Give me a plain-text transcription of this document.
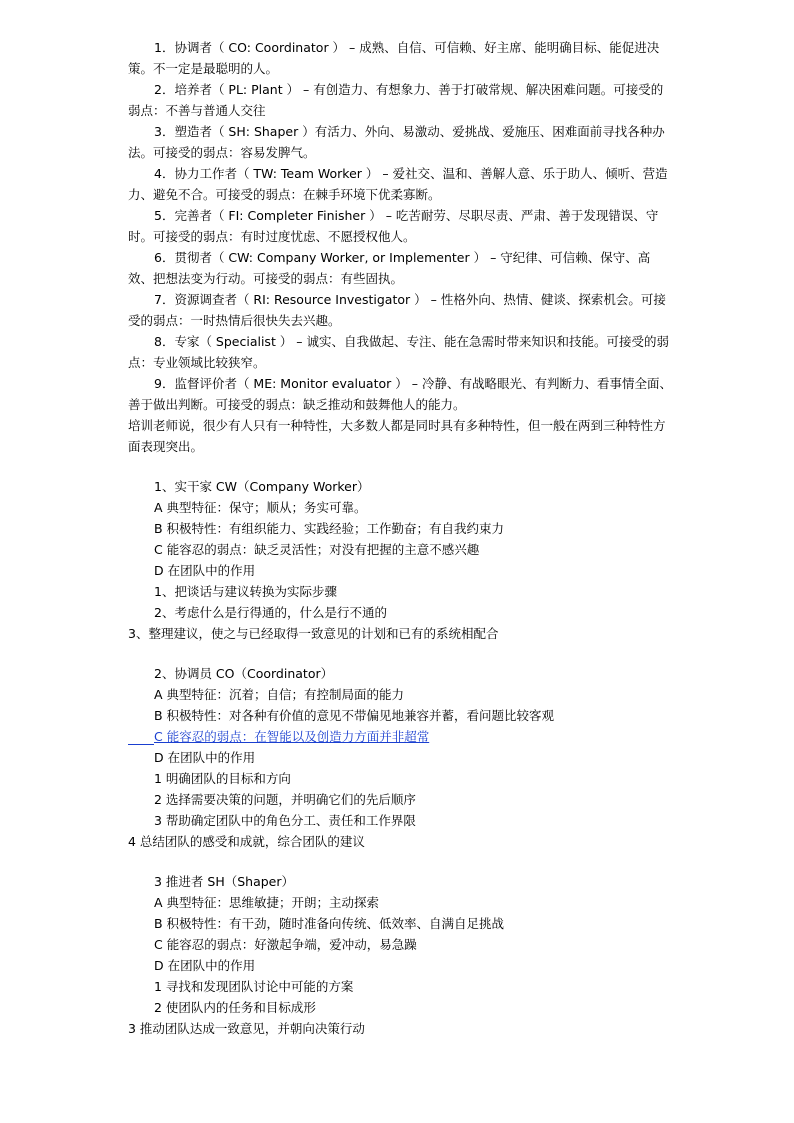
1．协调者（ CO: Coordinator ） – 成熟、自信、可信赖、好主席、能明确目标、能促进决策。不一定是最聪明的人。

2．培养者（ PL: Plant ） – 有创造力、有想象力、善于打破常规、解决困难问题。可接受的弱点：不善与普通人交往

3．塑造者（ SH: Shaper ）有活力、外向、易激动、爱挑战、爱施压、困难面前寻找各种办法。可接受的弱点：容易发脾气。

4．协力工作者（ TW: Team Worker ） – 爱社交、温和、善解人意、乐于助人、倾听、营造力、避免不合。可接受的弱点：在棘手环境下优柔寡断。

5．完善者（ FI: Completer Finisher ） – 吃苦耐劳、尽职尽责、严肃、善于发现错误、守时。可接受的弱点：有时过度忧虑、不愿授权他人。

6．贯彻者（ CW: Company Worker, or Implementer ） – 守纪律、可信赖、保守、高效、把想法变为行动。可接受的弱点：有些固执。

7．资源调查者（ RI: Resource Investigator ） – 性格外向、热情、健谈、探索机会。可接受的弱点：一时热情后很快失去兴趣。

8．专家（ Specialist ） – 诚实、自我做起、专注、能在急需时带来知识和技能。可接受的弱点：专业领域比较狭窄。

9．监督评价者（ ME: Monitor evaluator ） – 冷静、有战略眼光、有判断力、看事情全面、善于做出判断。可接受的弱点：缺乏推动和鼓舞他人的能力。

培训老师说，很少有人只有一种特性，大多数人都是同时具有多种特性，但一般在两到三种特性方面表现突出。

1、实干家 CW（Company Worker）
A 典型特征：保守；顺从；务实可靠。
B 积极特性：有组织能力、实践经验；工作勤奋；有自我约束力
C 能容忍的弱点：缺乏灵活性；对没有把握的主意不感兴趣
D 在团队中的作用
1、把谈话与建议转换为实际步骤
2、考虑什么是行得通的，什么是行不通的
3、整理建议，使之与已经取得一致意见的计划和已有的系统相配合
2、协调员 CO（Coordinator）
A 典型特征：沉着；自信；有控制局面的能力
B 积极特性：对各种有价值的意见不带偏见地兼容并蓄，看问题比较客观
C 能容忍的弱点：在智能以及创造力方面并非超常
D 在团队中的作用
1 明确团队的目标和方向
2 选择需要决策的问题，并明确它们的先后顺序
3 帮助确定团队中的角色分工、责任和工作界限
4 总结团队的感受和成就，综合团队的建议
3 推进者 SH（Shaper）
A 典型特征：思维敏捷；开朗；主动探索
B 积极特性：有干劲，随时准备向传统、低效率、自满自足挑战
C 能容忍的弱点：好激起争端，爱冲动，易急躁
D 在团队中的作用
1 寻找和发现团队讨论中可能的方案
2 使团队内的任务和目标成形
3 推动团队达成一致意见，并朝向决策行动
